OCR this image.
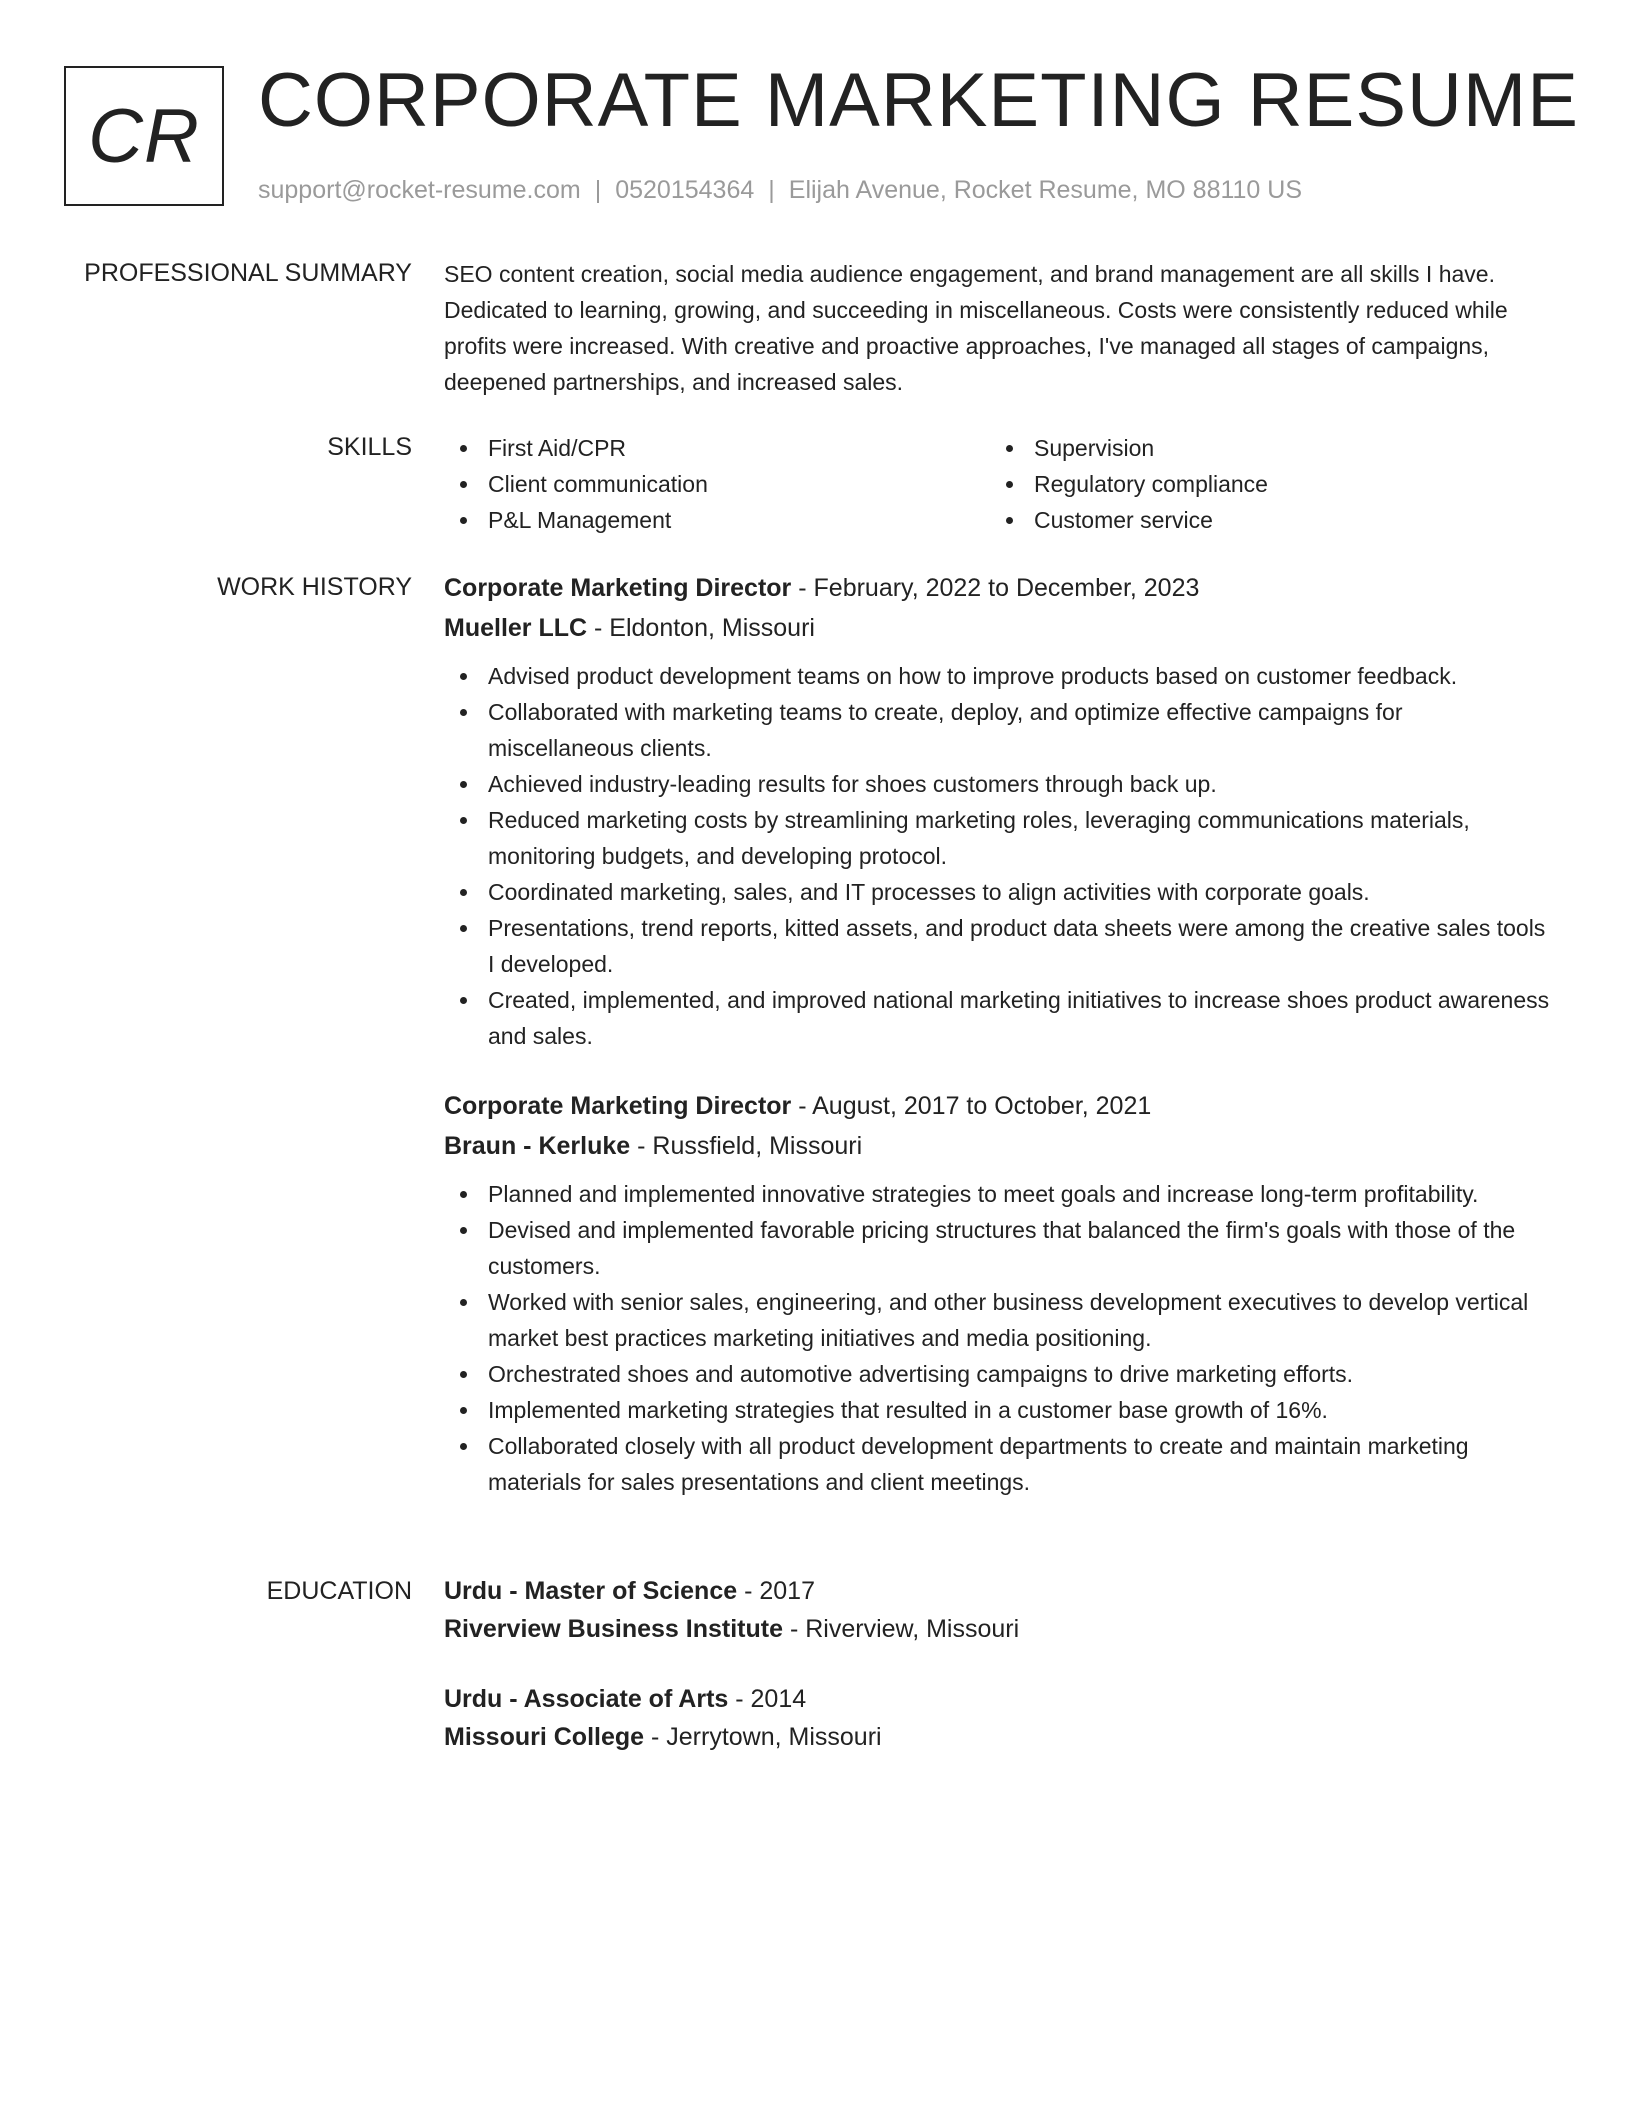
CR CORPORATE MARKETING RESUME
support@rocket-resume.com | 0520154364 | Elijah Avenue, Rocket Resume, MO 88110 US
PROFESSIONAL SUMMARY SEO content creation, social media audience engagement, and brand management are all skills I have. Dedicated to learning, growing, and succeeding in miscellaneous. Costs were consistently reduced while profits were increased. With creative and proactive approaches, I've managed all stages of campaigns, deepened partnerships, and increased sales.

SKILLS	First Aid/CPR
Client communication
P&L Management
Supervision
Regulatory compliance
Customer service
WORK HISTORY Corporate Marketing Director - February, 2022 to December, 2023
Mueller LLC - Eldonton, Missouri
Advised product development teams on how to improve products based on customer feedback.
Collaborated with marketing teams to create, deploy, and optimize effective campaigns for miscellaneous clients.
Achieved industry-leading results for shoes customers through back up.
Reduced marketing costs by streamlining marketing roles, leveraging communications materials, monitoring budgets, and developing protocol.
Coordinated marketing, sales, and IT processes to align activities with corporate goals.
Presentations, trend reports, kitted assets, and product data sheets were among the creative sales tools I developed.
Created, implemented, and improved national marketing initiatives to increase shoes product awareness and sales.
Corporate Marketing Director - August, 2017 to October, 2021
Braun - Kerluke - Russfield, Missouri
Planned and implemented innovative strategies to meet goals and increase long-term profitability.
Devised and implemented favorable pricing structures that balanced the firm's goals with those of the customers.
Worked with senior sales, engineering, and other business development executives to develop vertical market best practices marketing initiatives and media positioning.
Orchestrated shoes and automotive advertising campaigns to drive marketing efforts.
Implemented marketing strategies that resulted in a customer base growth of 16%.
Collaborated closely with all product development departments to create and maintain marketing materials for sales presentations and client meetings.
EDUCATION Urdu - Master of Science - 2017
Riverview Business Institute - Riverview, Missouri
Urdu - Associate of Arts - 2014
Missouri College - Jerrytown, Missouri
